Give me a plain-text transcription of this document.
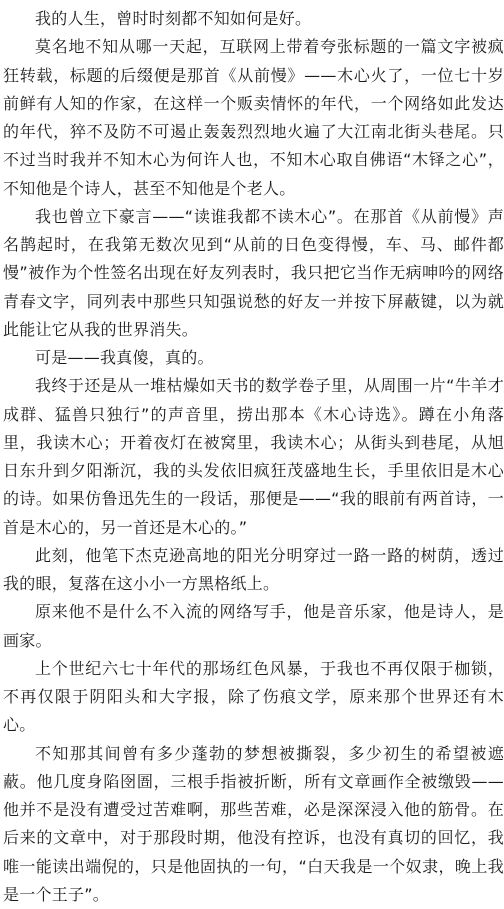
我的人生，曾时时刻都不知如何是好。

莫名地不知从哪一天起，互联网上带着夸张标题的一篇文字被疯狂转载，标题的后缀便是那首《从前慢》——木心火了，一位七十岁前鲜有人知的作家，在这样一个贩卖情怀的年代，一个网络如此发达的年代，猝不及防不可遏止轰轰烈烈地火遍了大江南北街头巷尾。只不过当时我并不知木心为何许人也，不知木心取自佛语“木铎之心”，不知他是个诗人，甚至不知他是个老人。

我也曾立下豪言——“读谁我都不读木心”。在那首《从前慢》声名鹊起时，在我第无数次见到“从前的日色变得慢，车、马、邮件都慢”被作为个性签名出现在好友列表时，我只把它当作无病呻吟的网络青春文字，同列表中那些只知强说愁的好友一并按下屏蔽键，以为就此能让它从我的世界消失。

可是——我真傻，真的。

我终于还是从一堆枯燥如天书的数学卷子里，从周围一片“牛羊才成群、猛兽只独行”的声音里，捞出那本《木心诗选》。蹲在小角落里，我读木心；开着夜灯在被窝里，我读木心；从街头到巷尾，从旭日东升到夕阳渐沉，我的头发依旧疯狂茂盛地生长，手里依旧是木心的诗。如果仿鲁迅先生的一段话，那便是——“我的眼前有两首诗，一首是木心的，另一首还是木心的。”

此刻，他笔下杰克逊高地的阳光分明穿过一路一路的树荫，透过我的眼，复落在这小小一方黑格纸上。

原来他不是什么不入流的网络写手，他是音乐家，他是诗人，是画家。

上个世纪六七十年代的那场红色风暴，于我也不再仅限于枷锁，不再仅限于阴阳头和大字报，除了伤痕文学，原来那个世界还有木心。

不知那其间曾有多少蓬勃的梦想被撕裂，多少初生的希望被遮蔽。他几度身陷囹圄，三根手指被折断，所有文章画作全被缴毁——他并不是没有遭受过苦难啊，那些苦难，必是深深浸入他的筋骨。在后来的文章中，对于那段时期，他没有控诉，也没有真切的回忆，我唯一能读出端倪的，只是他固执的一句，“白天我是一个奴隶，晚上我是一个王子”。
